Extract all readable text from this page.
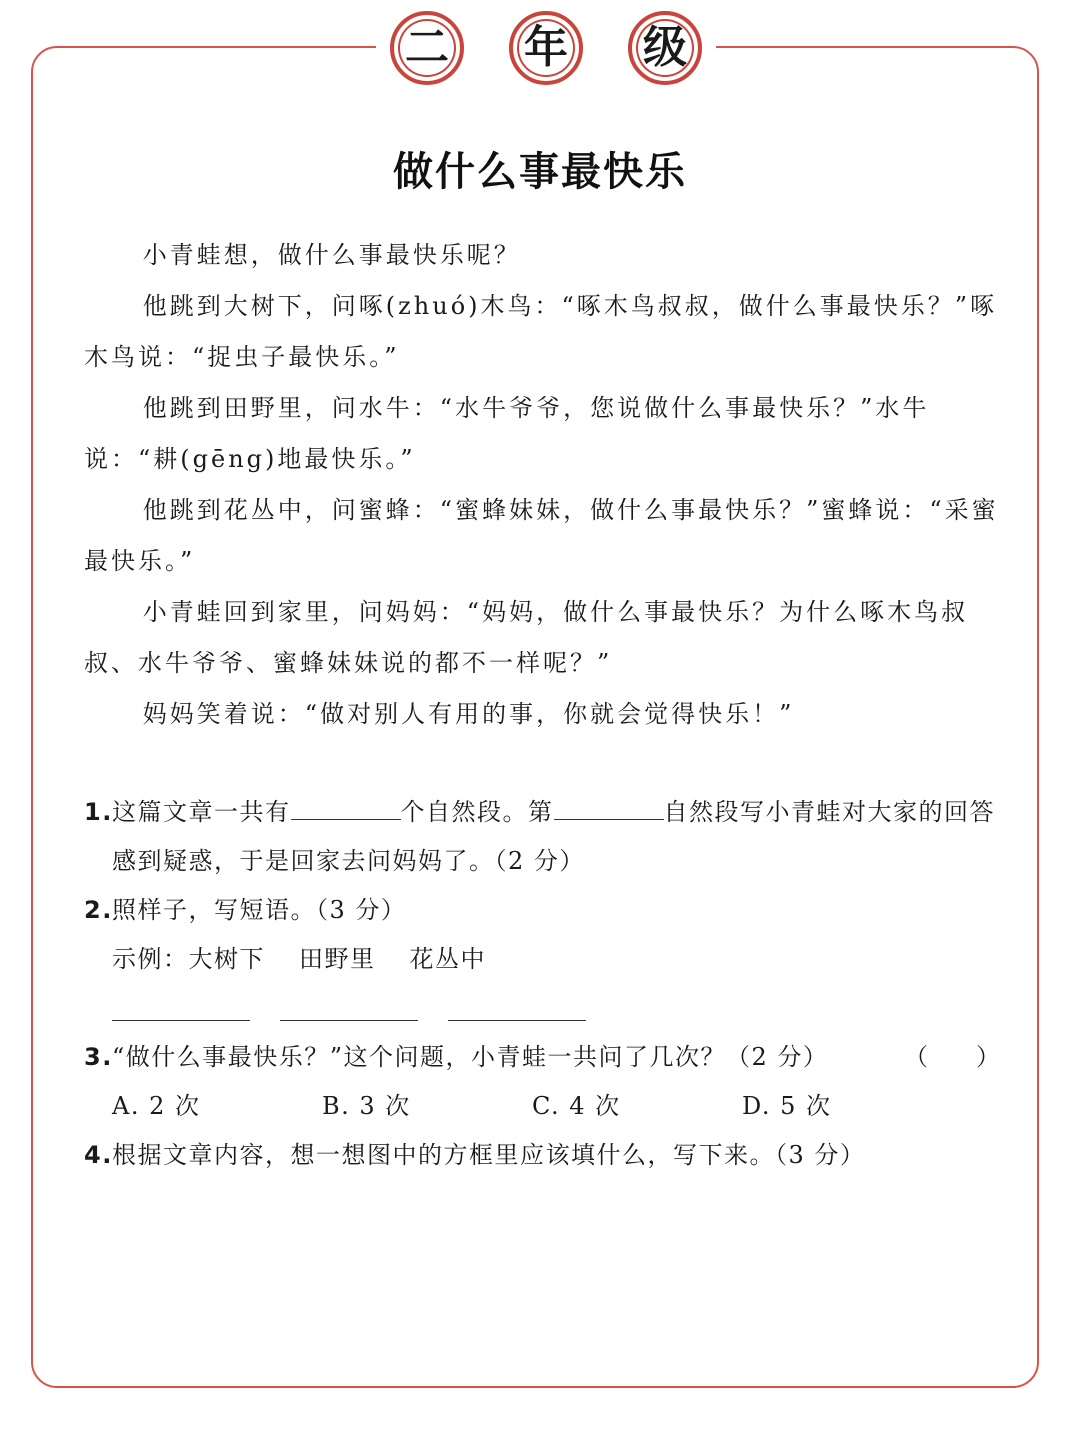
二 年 级
做什么事最快乐

小青蛙想，做什么事最快乐呢？

他跳到大树下，问啄(zhuó)木鸟：“啄木鸟叔叔，做什么事最快乐？”啄木鸟说：“捉虫子最快乐。”

他跳到田野里，问水牛：“水牛爷爷，您说做什么事最快乐？”水牛说：“耕(gēng)地最快乐。”

他跳到花丛中，问蜜蜂：“蜜蜂妹妹，做什么事最快乐？”蜜蜂说：“采蜜最快乐。”

小青蛙回到家里，问妈妈：“妈妈，做什么事最快乐？为什么啄木鸟叔叔、水牛爷爷、蜜蜂妹妹说的都不一样呢？”

妈妈笑着说：“做对别人有用的事，你就会觉得快乐！”

1. 这篇文章一共有	个自然段。第	自然段写小青蛙对大家的回答感到疑惑，于是回家去问妈妈了。（2 分）
2. 照样子，写短语。（3 分）
示例：大树下 田野里 花丛中
3. “做什么事最快乐？”这个问题，小青蛙一共问了几次？（2 分）	（　　）
A. 2 次	B. 3 次	C. 4 次	D. 5 次
4. 根据文章内容，想一想图中的方框里应该填什么，写下来。（3 分）
